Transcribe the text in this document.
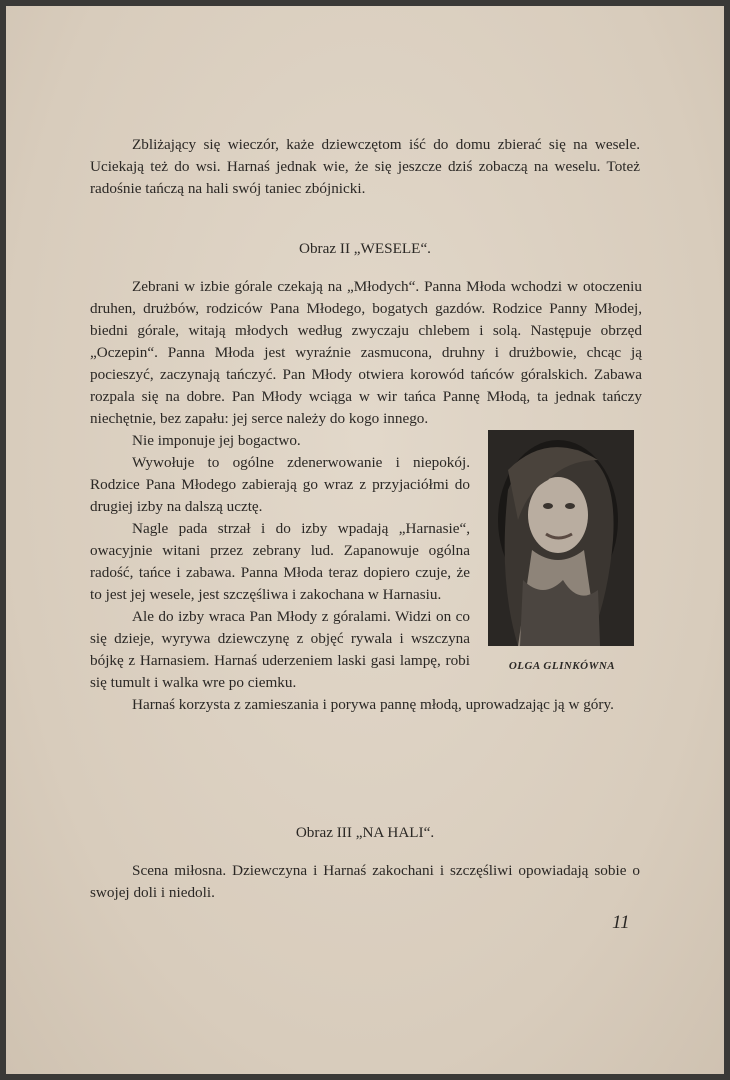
Zbliżający się wieczór, każe dziewczętom iść do domu zbierać się na wesele. Uciekają też do wsi. Harnaś jednak wie, że się jeszcze dziś zobaczą na weselu. Toteż radośnie tańczą na hali swój taniec zbójnicki.

Obraz II „WESELE“.

Zebrani w izbie górale czekają na „Młodych“. Panna Młoda wchodzi w otoczeniu druhen, drużbów, rodziców Pana Młodego, bogatych gazdów. Rodzice Panny Młodej, biedni górale, witają młodych według zwyczaju chlebem i solą. Następuje obrzęd „Oczepin“. Panna Młoda jest wyraźnie zasmucona, druhny i drużbowie, chcąc ją pocieszyć, zaczynają tańczyć. Pan Młody otwiera korowód tańców góralskich. Zabawa rozpala się na dobre. Pan Młody wciąga w wir tańca Pannę Młodą, ta jednak tańczy niechętnie, bez zapału: jej serce należy do kogo innego.

Nie imponuje jej bogactwo.

Wywołuje to ogólne zdenerwowanie i niepokój. Rodzice Pana Młodego zabierają go wraz z przyjaciółmi do drugiej izby na dalszą ucztę.

Nagle pada strzał i do izby wpadają „Harnasie“, owacyjnie witani przez zebrany lud. Zapanowuje ogólna radość, tańce i zabawa. Panna Młoda teraz dopiero czuje, że to jest jej wesele, jest szczęśliwa i zakochana w Harnasiu.

Ale do izby wraca Pan Młody z góralami. Widzi on co się dzieje, wyrywa dziewczynę z objęć rywala i wszczyna bójkę z Harnasiem. Harnaś uderzeniem laski gasi lampę, robi się tumult i walka wre po ciemku.

Harnaś korzysta z zamieszania i porywa pannę młodą, uprowadzając ją w góry.

OLGA GLINKÓWNA
Obraz III „NA HALI“.

Scena miłosna. Dziewczyna i Harnaś zakochani i szczęśliwi opowiadają sobie o swojej doli i niedoli.

11
